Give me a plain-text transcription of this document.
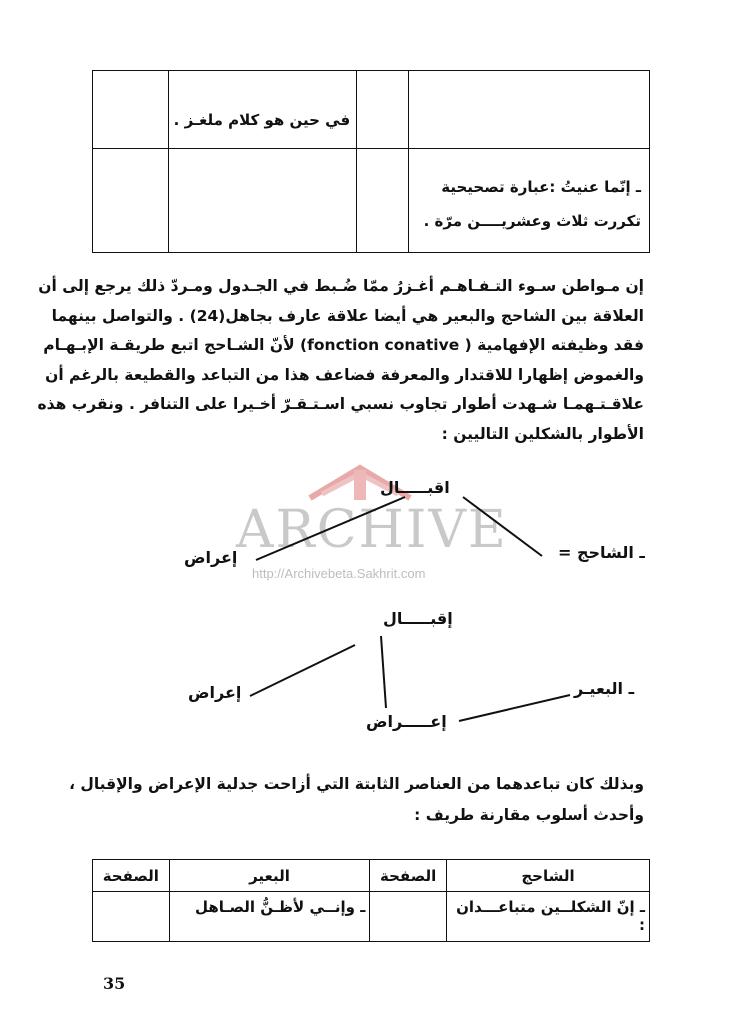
	في حين هو كلام ملغـز .		

			ـ إنّما عنيتُ :عبارة تصحيحية
تكررت ثلاث وعشريــــن مرّة .
إن مـواطن سـوء التـفـاهـم أغـزرُ ممّا ضُـبط في الجـدول ومـردّ ذلك يرجع إلى أن
العلاقة بين الشاحج والبعير هي أيضا علاقة عارف بجاهل(24) . والتواصل بينهما
فقد وظيفته الإفهامية ( fonction conative) لأنّ الشـاحج اتبع طريقـة الإبـهـام
والغموض إظهارا للاقتدار والمعرفة فضاعف هذا من التباعد والقطيعة بالرغم أن
علاقـتـهمـا شـهدت أطوار تجاوب نسبي اسـتـقـرّ أخـيرا على التنافر . ونقرب هذه
الأطوار بالشكلين التاليين :
ARCHIVE
http://Archivebeta.Sakhrit.com
اقبـــــال
إعراض	ـ الشاحج =
إقبـــــال
إعراض
إعـــــراض
ـ البعيـر
وبذلك كان تباعدهما من العناصر الثابتة التي أزاحت جدلية الإعراض والإقبال ،
وأحدث أسلوب مقارنة طريف :
الصفحة	البعير	الصفحة	الشاحج

	ـ وإنــي لأظـنُّ الصـاهل		ـ إنّ الشكلــين متباعـــدان :
35
